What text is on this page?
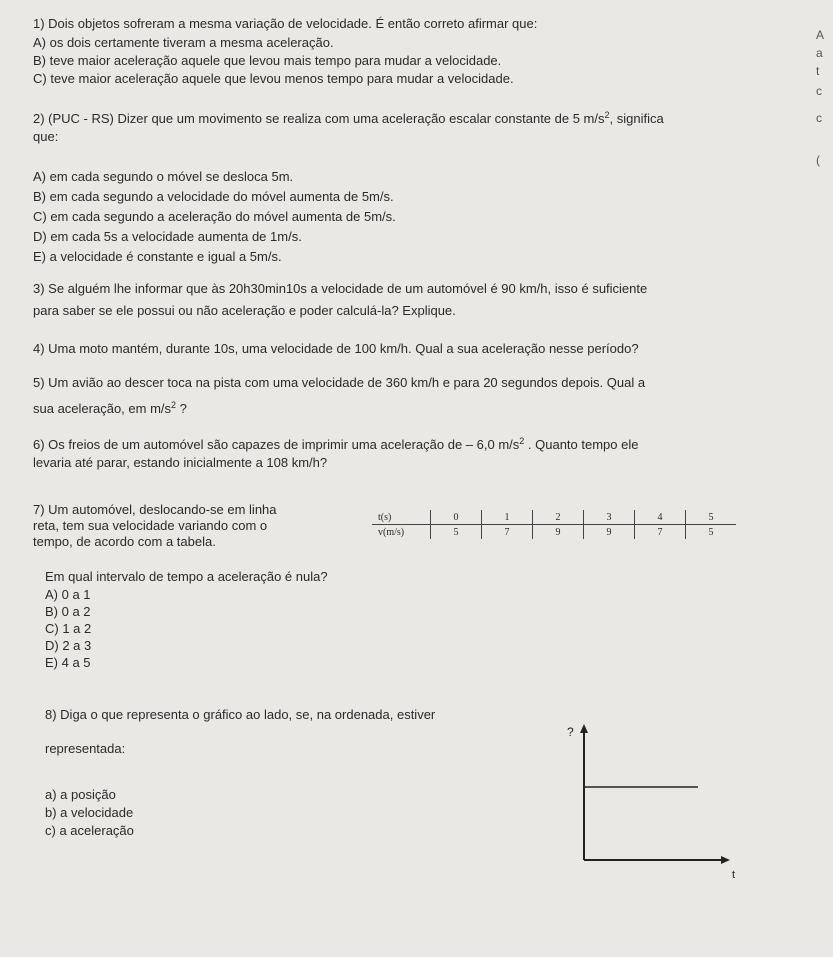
1) Dois objetos sofreram a mesma variação de velocidade. É então correto afirmar que:
A) os dois certamente tiveram a mesma aceleração.
B) teve maior aceleração aquele que levou mais tempo para mudar a velocidade.
C) teve maior aceleração aquele que levou menos tempo para mudar a velocidade.
2) (PUC - RS) Dizer que um movimento se realiza com uma aceleração escalar constante de 5 $m/s^2$, significa
que:
A) em cada segundo o móvel se desloca 5m.
B) em cada segundo a velocidade do móvel aumenta de 5m/s.
C) em cada segundo a aceleração do móvel aumenta de 5m/s.
D) em cada 5s a velocidade aumenta de 1m/s.
E) a velocidade é constante e igual a 5m/s.
3) Se alguém lhe informar que às 20h30min10s a velocidade de um automóvel é 90 km/h, isso é suficiente
para saber se ele possui ou não aceleração e poder calculá-la? Explique.
4) Uma moto mantém, durante 10s, uma velocidade de 100 km/h. Qual a sua aceleração nesse período?
5) Um avião ao descer toca na pista com uma velocidade de 360 km/h e para 20 segundos depois. Qual a
sua aceleração, em $m/s^2$ ?
6) Os freios de um automóvel são capazes de imprimir uma aceleração de – 6,0 $m/s^2$ . Quanto tempo ele
levaria até parar, estando inicialmente a 108 km/h?
7) Um automóvel, deslocando-se em linha
reta, tem sua velocidade variando com o
tempo, de acordo com a tabela.
t(s)	0	1	2	3	4	5
v(m/s)	5	7	9	9	7	5
Em qual intervalo de tempo a aceleração é nula?
A) 0 a 1
B) 0 a 2
C) 1 a 2
D) 2 a 3
E) 4 a 5
8) Diga o que representa o gráfico ao lado, se, na ordenada, estiver
representada:
a) a posição
b) a velocidade
c) a aceleração
?
t
A
a
t
c
c
(
